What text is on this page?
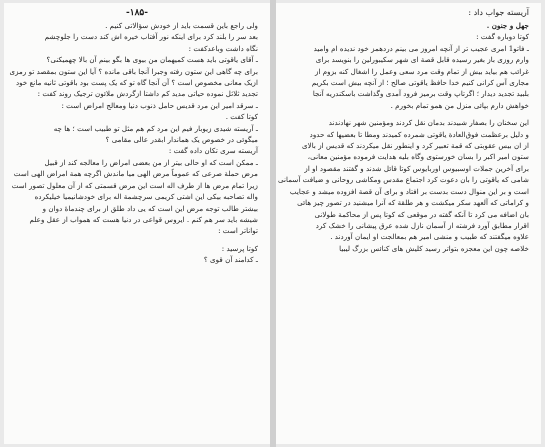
-۱۸۵-
ولی راجع باین قسمت باید از خودش سؤالاتی کنیم .
بعد سر را بلند کرد برای اینکه نور آفتاب خیره اش کند دست را جلوچشم
نگاه داشت وباعدکفت :
ـ آقای یاقوتی باید هست کمیهمان من بیوی ها بگو بینم آن بالا چهمیکنی؟
برای چه گاهی این ستون رفته وجبرا آنجا باقی مانده ؟ آیا این ستون بمقصد تو رمزی
ازیک معانی مخصوص است ؟ آن آنجا گاه تو که یک پست بود باقوتی ثانیه مانع خود
تجدید ثلاثل نموده حیاتی مدید کم داشتا ازگردش ملائون ترجیک روند کفت :
ـ سرقد امیر این مرد قدیس حامل ذنوب دنیا ومعالج امراض است :
کوتا کفت .
ـ آریسته شیدی زیوبار فیم این مرد کم هم مثل تو طبیب است ؛ ها چه
میگوئی در خصوص یک هماندار ابقدر عالی مقامی ؟
آریسته سری تکان داده گفت :
ـ ممکن است که او حالی بیتر از من بعضی امراض را معالجه کند از قبیل
مرض حملة صرعی که عموماً مرض الهی میا ماندش اگرچه همة امراض الهی است
زیرا تمام مرض ها از طرف اله است این مرض قسمتی که از آن معلول تصور است
واله تصاحبه بیکی این اشتی کریمی سرچشمة اله برای خودشانیمیا خیلیکرده
بیشتر طالب توجه مرض این است که یی داد طلق از برای چندماهٔ دوان و
شیشه باید سر هم کنم . ایروس قواعی در دنیا هست که همواب از عقل وعلم
تواناتر است :
کوتا پرسید :
ـ کدامند آن قوی ؟
آریسته جواب داد :
جهل و جنون .
کوتا دوباره گفت :
ـ فاتو1 امری عجیب تر از آنچه امروز می بینم دردهمز خود ندیده ام وامید
وارم روزی باز بغیر رسیده قابل قصة ای شهر سکیبورلین را بنویسد برای
غرائب هم بیاید بیش از تمام وقت مرد سعی وعمل را اشغال کنه بزوم از
مجاری آس کرانی کنیم خدا حافظ یاقوتی صالح ؛ از آنچه بیش است بکریم
بلبید تجدید دیدار ؛ اگرتاپ وقت برمیز فرود آمدی وگذاشت باسکندریه آنجا
خواهش دارم بپائی منزل من همو تمام بخورم .
این سخنان را بصفار شبیدند بدمان نقل کردند ومؤمنین شهر نهادندند
و دلیل برعظمت فوق‌العادة یاقوتی شمرده کمیدند ومطا تا بعضیها که حدود
از ان بیس عقوبتی که قمة تعبیر کرد و اینطور نقل میکردند که قدیس از بالای
ستون امیر اکبر را بسان خورستوی وگاه بلیه هدایت فرموده مؤمنین معانی،
برای آخرین جملات اوسبیوس اوربایوس کوتا قائل شدند و گفتند مقصود او از
شامی که یاقوتی را بان دعوت کرد اجتماع مقدس ومکاشی روحانی و ضیافت آسمانی
است و بر این منوال دست بدست بر افتاد و برای آن قصة افزوده میشد و عجایب
و کراماتی که آلعهد سکر میکشت و هر طلقة که آنرا میشنید در تصور چیز هائی
بان اضافه می کرد تا آنکه گفته در موقعی که کوتا پس از محاکمة طولانی
اقرار مطابق آورد فرشته از آسمان نازل شده عرق پیشانی را خشک کرد
علاوه میگفتند که طبیب و منشی امیر هم بمعالجت او ایمان آوردند .
خلاصه چون این معجزه بتواتر رسید کلیش های کنائس بزرگ لیبیا
